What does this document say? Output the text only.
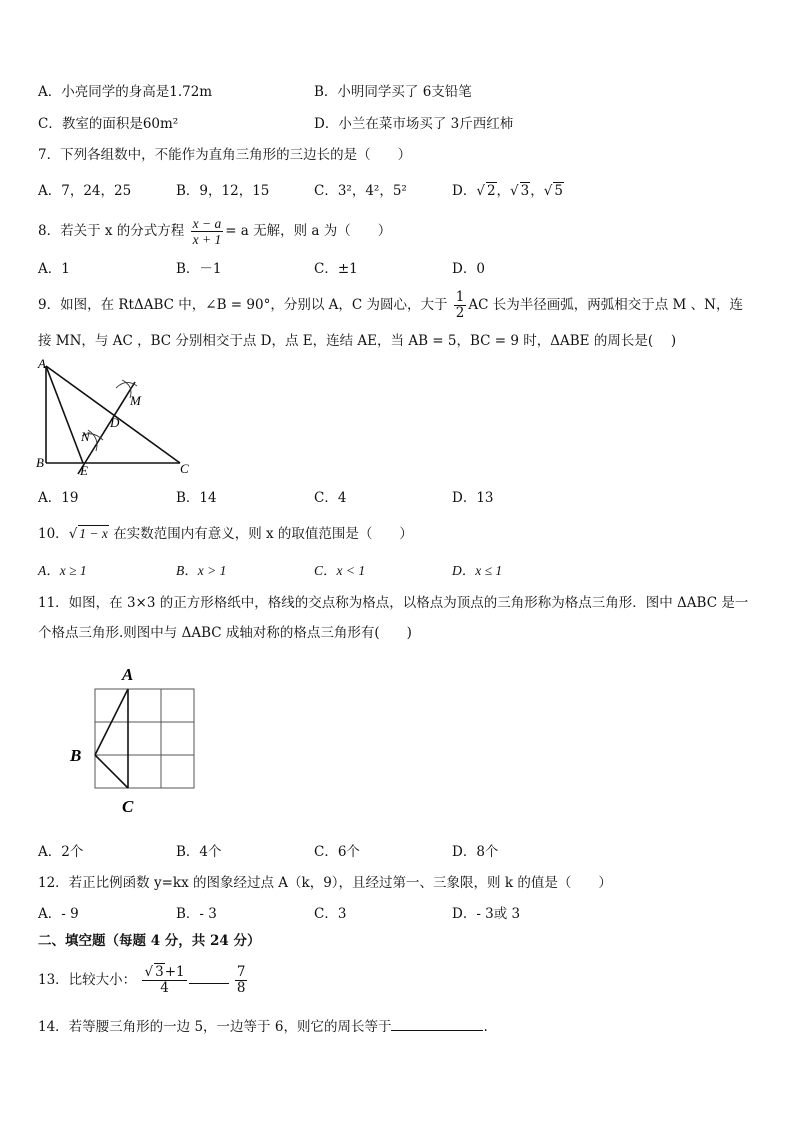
A．小亮同学的身高是1.72m	B．小明同学买了 6支铅笔
C．教室的面积是60m²	D．小兰在菜市场买了 3斤西红柿
7．下列各组数中，不能作为直角三角形的三边长的是（　　）
A．7，24，25	B．9，12，15	C．3²，4²，5²	D．√ 2，√ 3，√ 5
8．若关于 x 的分式方程 $\frac{x - a}{x + 1} = a$ 无解，则 a 为（　　）
A．1	B．－1	C．±1	D．0
9．如图，在 RtΔABC 中，∠B = 90°，分别以 A，C 为圆心，大于 $\frac{1}{2}$ AC 长为半径画弧，两弧相交于点 M 、N，连
接 MN，与 AC ，BC 分别相交于点 D，点 E，连结 AE，当 AB = 5，BC = 9 时，ΔABE 的周长是(　 )
A
B	C
D
E
M
N
A．19	B．14	C．4	D．13
10．√ 1 − x 在实数范围内有意义，则 x 的取值范围是（　　）
A．x ≥ 1	B．x > 1	C．x < 1	D．x ≤ 1
11．如图，在 3×3 的正方形格纸中，格线的交点称为格点，以格点为顶点的三角形称为格点三角形．图中 ΔABC 是一
个格点三角形.则图中与 ΔABC 成轴对称的格点三角形有(　　)
A
B
C
A．2个	B．4个	C．6个	D．8个
12．若正比例函数 y=kx 的图象经过点 A（k，9），且经过第一、三象限，则 k 的值是（　　）
A．- 9	B．- 3	C．3	D．- 3或 3
二、填空题（每题 4 分，共 24 分）
13．比较大小： $\frac{√ 3+1}{4}$
	$\frac{7}{8}$
14．若等腰三角形的一边 5，一边等于 6，则它的周长等于	.
